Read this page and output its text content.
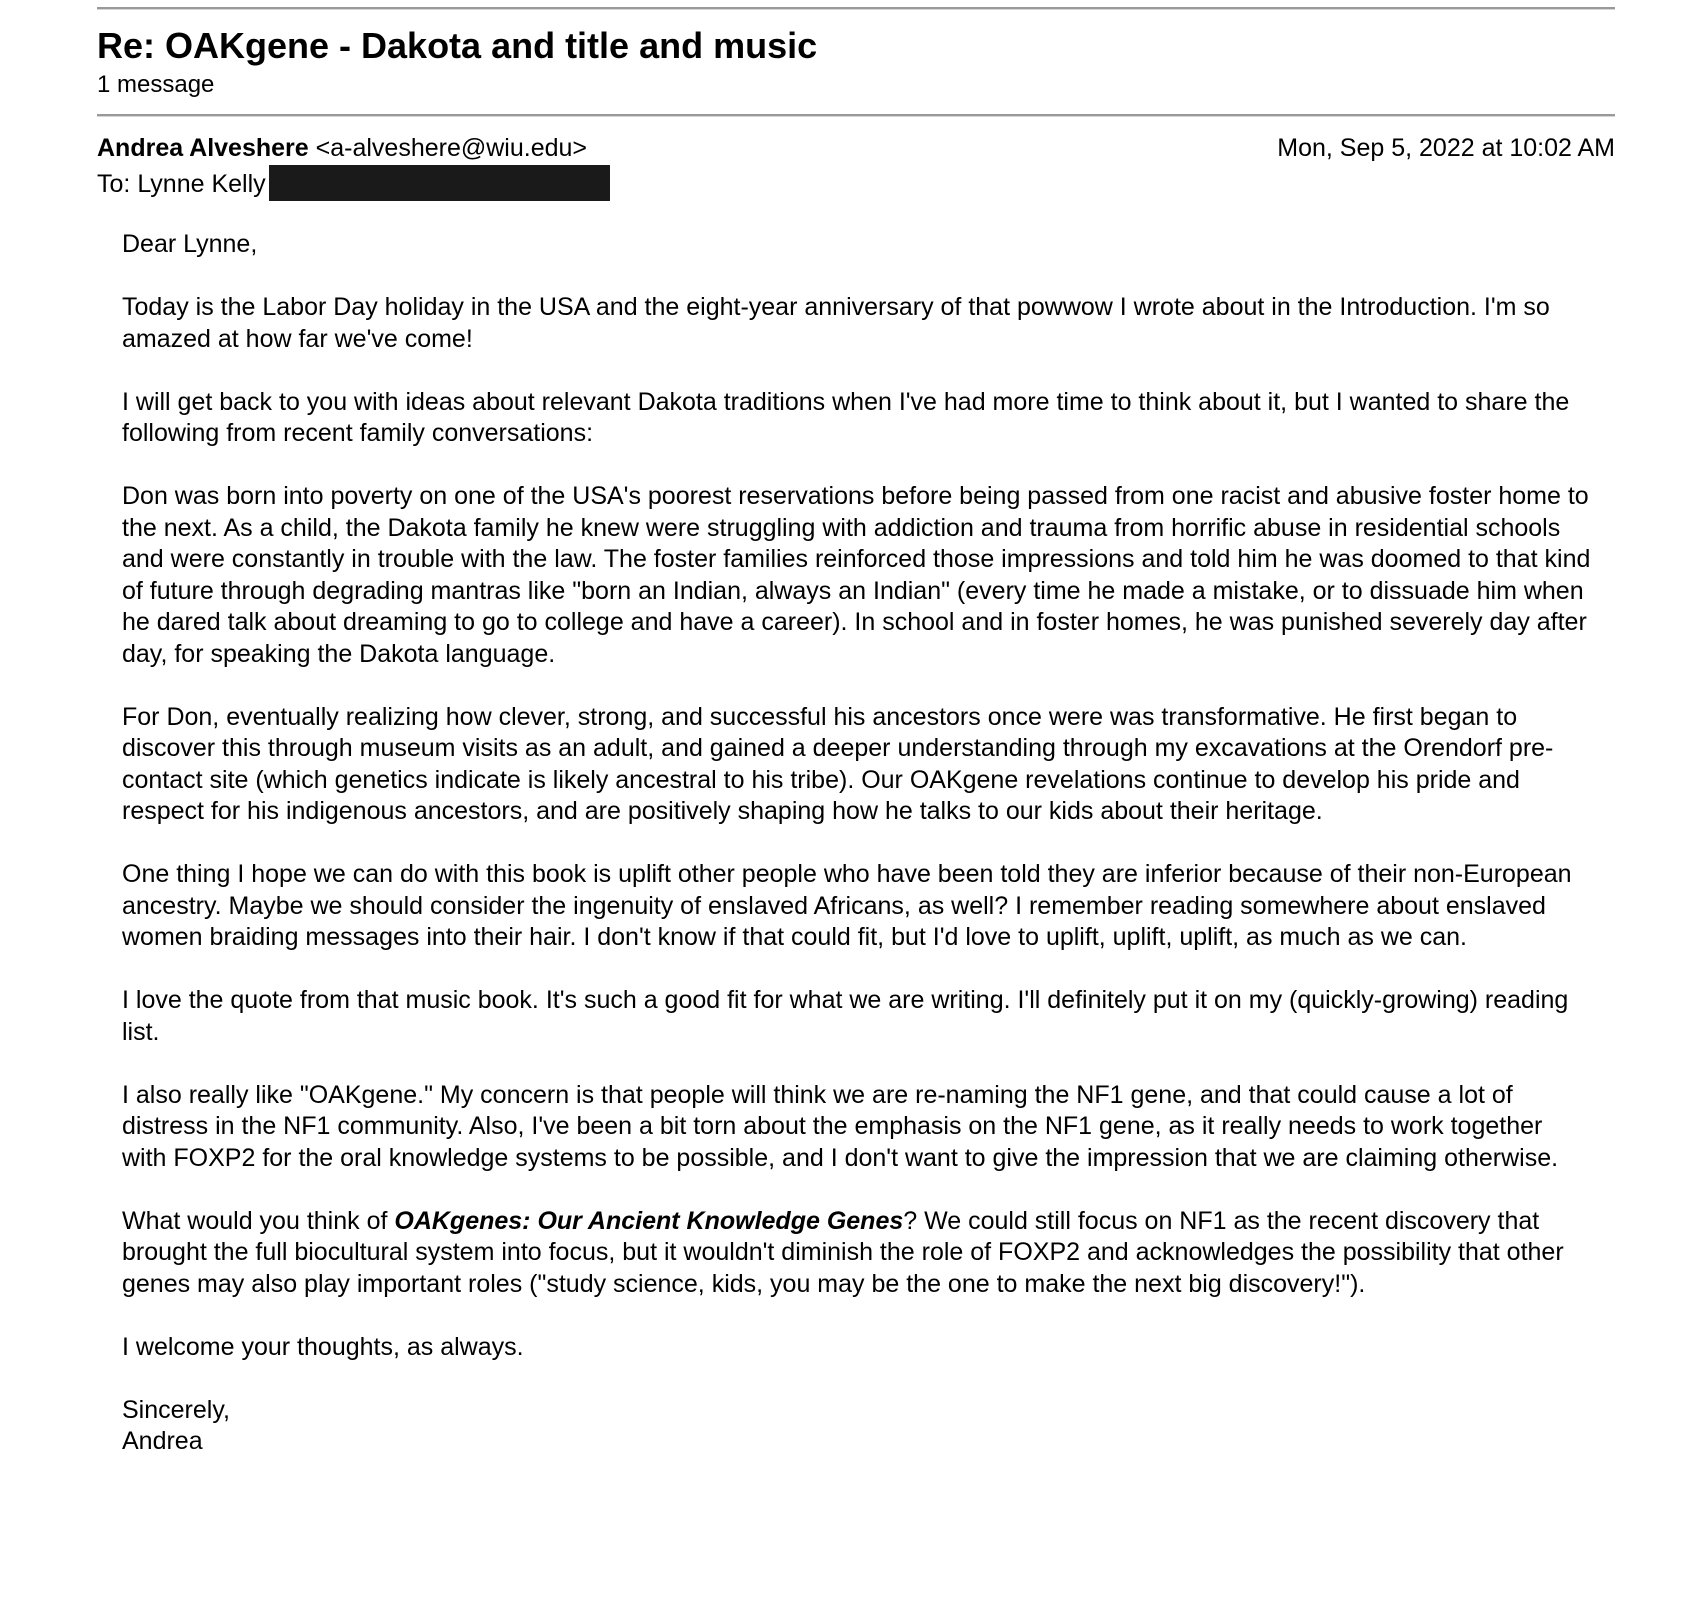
Re: OAKgene - Dakota and title and music
1 message
Andrea Alveshere <a-alveshere@wiu.edu>	Mon, Sep 5, 2022 at 10:02 AM
To: Lynne Kelly

Dear Lynne,

Today is the Labor Day holiday in the USA and the eight-year anniversary of that powwow I wrote about in the Introduction. I'm so amazed at how far we've come!

I will get back to you with ideas about relevant Dakota traditions when I've had more time to think about it, but I wanted to share the following from recent family conversations:

Don was born into poverty on one of the USA's poorest reservations before being passed from one racist and abusive foster home to the next. As a child, the Dakota family he knew were struggling with addiction and trauma from horrific abuse in residential schools and were constantly in trouble with the law. The foster families reinforced those impressions and told him he was doomed to that kind of future through degrading mantras like "born an Indian, always an Indian" (every time he made a mistake, or to dissuade him when he dared talk about dreaming to go to college and have a career). In school and in foster homes, he was punished severely day after day, for speaking the Dakota language.

For Don, eventually realizing how clever, strong, and successful his ancestors once were was transformative. He first began to discover this through museum visits as an adult, and gained a deeper understanding through my excavations at the Orendorf pre-contact site (which genetics indicate is likely ancestral to his tribe). Our OAKgene revelations continue to develop his pride and respect for his indigenous ancestors, and are positively shaping how he talks to our kids about their heritage.

One thing I hope we can do with this book is uplift other people who have been told they are inferior because of their non-European ancestry. Maybe we should consider the ingenuity of enslaved Africans, as well? I remember reading somewhere about enslaved women braiding messages into their hair. I don't know if that could fit, but I'd love to uplift, uplift, uplift, as much as we can.

I love the quote from that music book. It's such a good fit for what we are writing. I'll definitely put it on my (quickly-growing) reading list.

I also really like "OAKgene." My concern is that people will think we are re-naming the NF1 gene, and that could cause a lot of distress in the NF1 community. Also, I've been a bit torn about the emphasis on the NF1 gene, as it really needs to work together with FOXP2 for the oral knowledge systems to be possible, and I don't want to give the impression that we are claiming otherwise.

What would you think of OAKgenes: Our Ancient Knowledge Genes? We could still focus on NF1 as the recent discovery that brought the full biocultural system into focus, but it wouldn't diminish the role of FOXP2 and acknowledges the possibility that other genes may also play important roles ("study science, kids, you may be the one to make the next big discovery!").

I welcome your thoughts, as always.

Sincerely,

Andrea
